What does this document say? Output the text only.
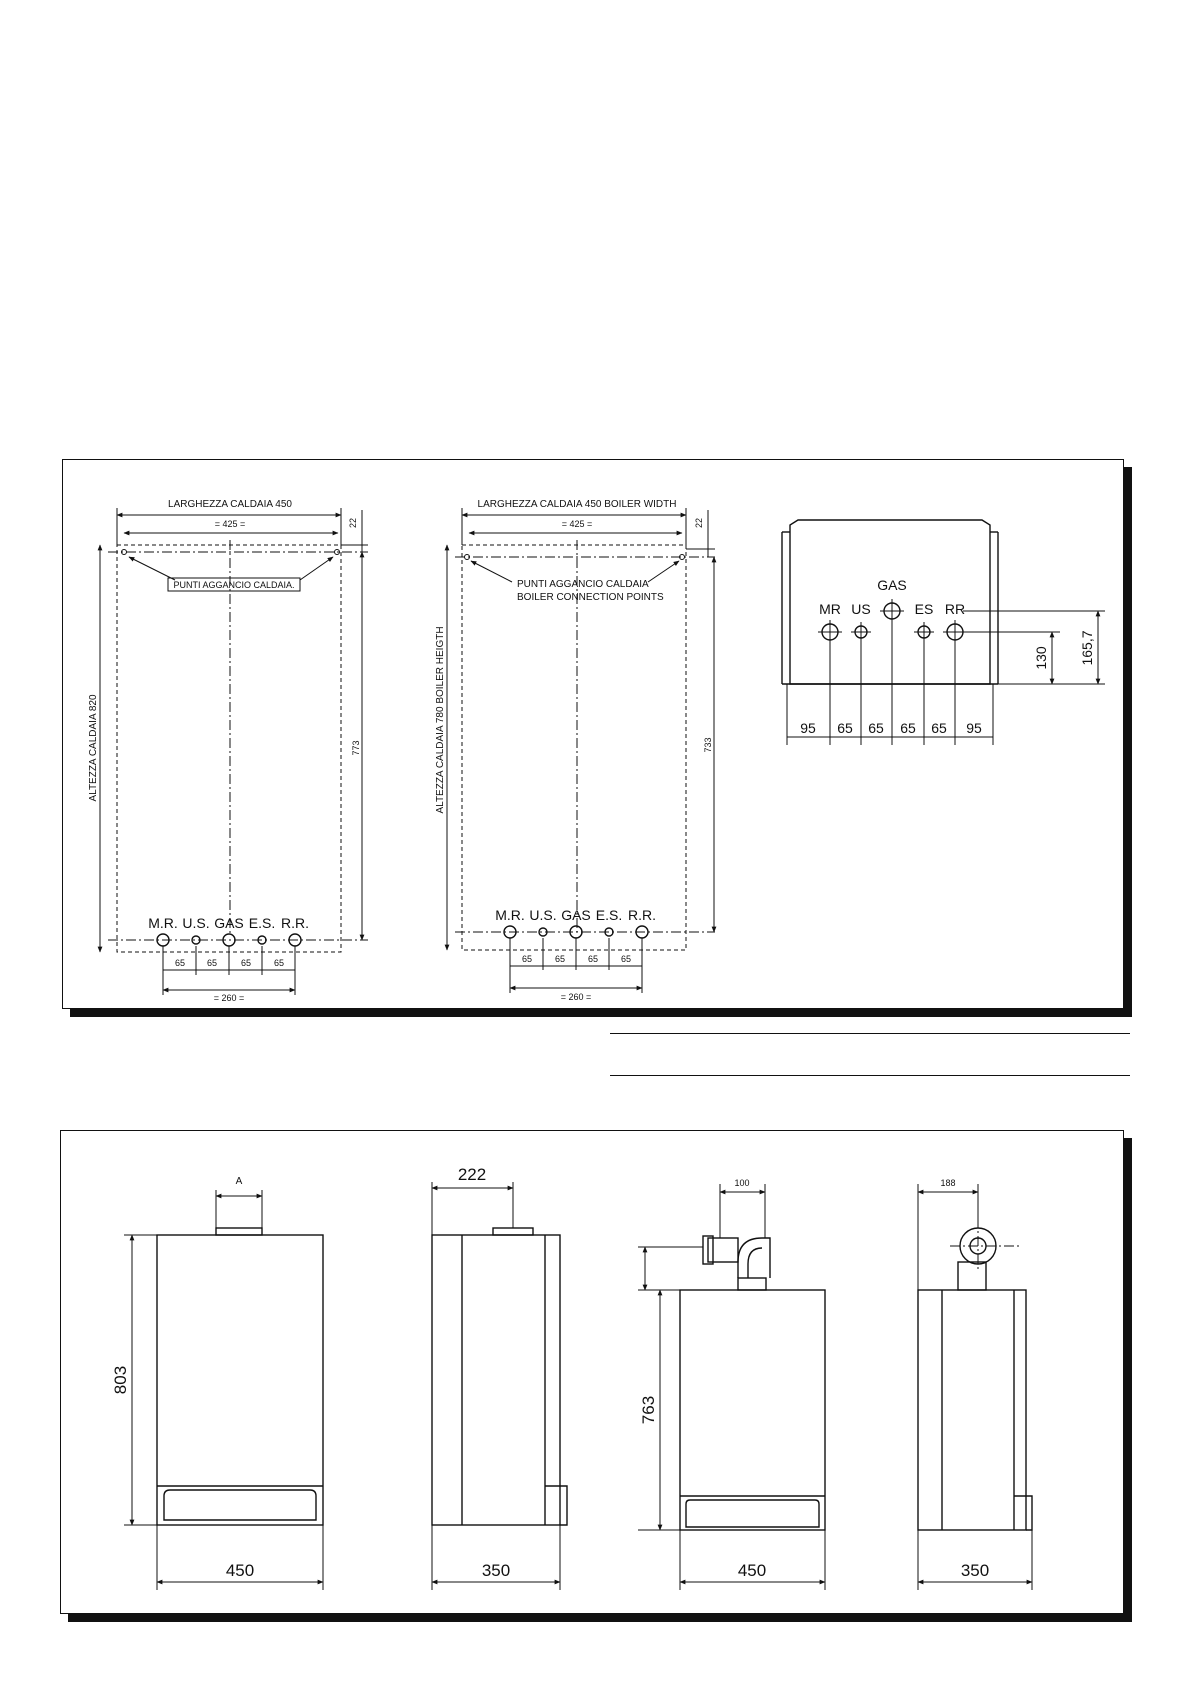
LARGHEZZA CALDAIA 450
= 425 =	22
PUNTI AGGANCIO CALDAIA.
ALTEZZA CALDAIA 820	773
M.R. U.S. GAS E.S. R.R.
65 65	65	65
= 260 =
LARGHEZZA CALDAIA 450 BOILER WIDTH
= 425 =	22
PUNTI AGGANCIO CALDAIA
BOILER CONNECTION POINTS
ALTEZZA CALDAIA 780 BOILER HEIGTH	733
M.R. U.S. GAS E.S. R.R.
65	65	65	65
= 260 =
GAS
MR US	ES RR
95 65 65 65 65 95
130 165,7
A
803
450
222
350
100
763
450
188
350
